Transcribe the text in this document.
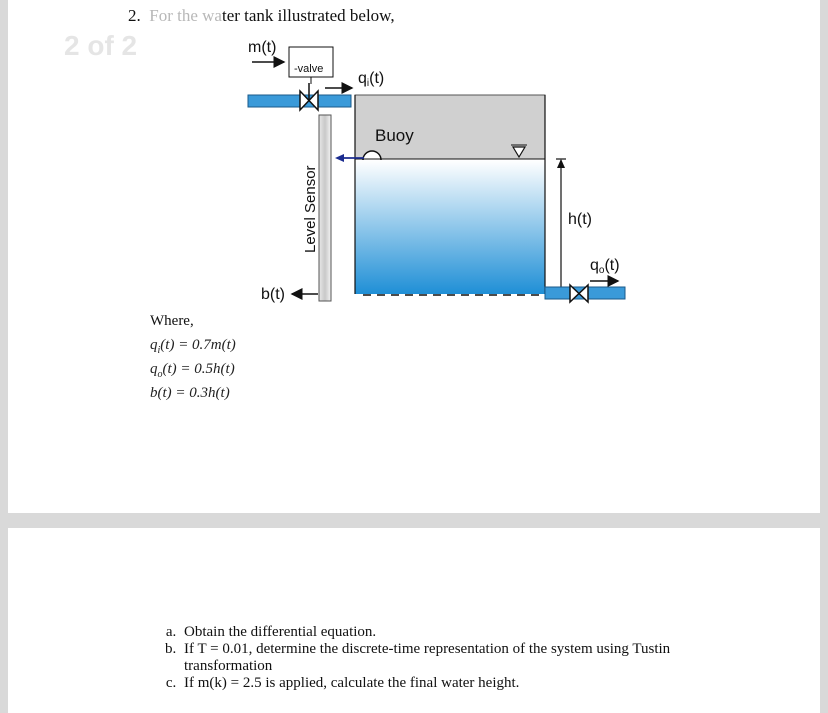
2. For the water tank illustrated below,
2 of 2
-valve
m(t)
qi(t)
Buoy
h(t)
qo(t)
Level Sensor
b(t)
Where,
$q_i(t) = 0.7m(t)$
$q_o(t) = 0.5h(t)$
b(t) = 0.3h(t)
a. Obtain the differential equation.
b. If T = 0.01, determine the discrete-time representation of the system using Tustin transformation
c. If m(k) = 2.5 is applied, calculate the final water height.
